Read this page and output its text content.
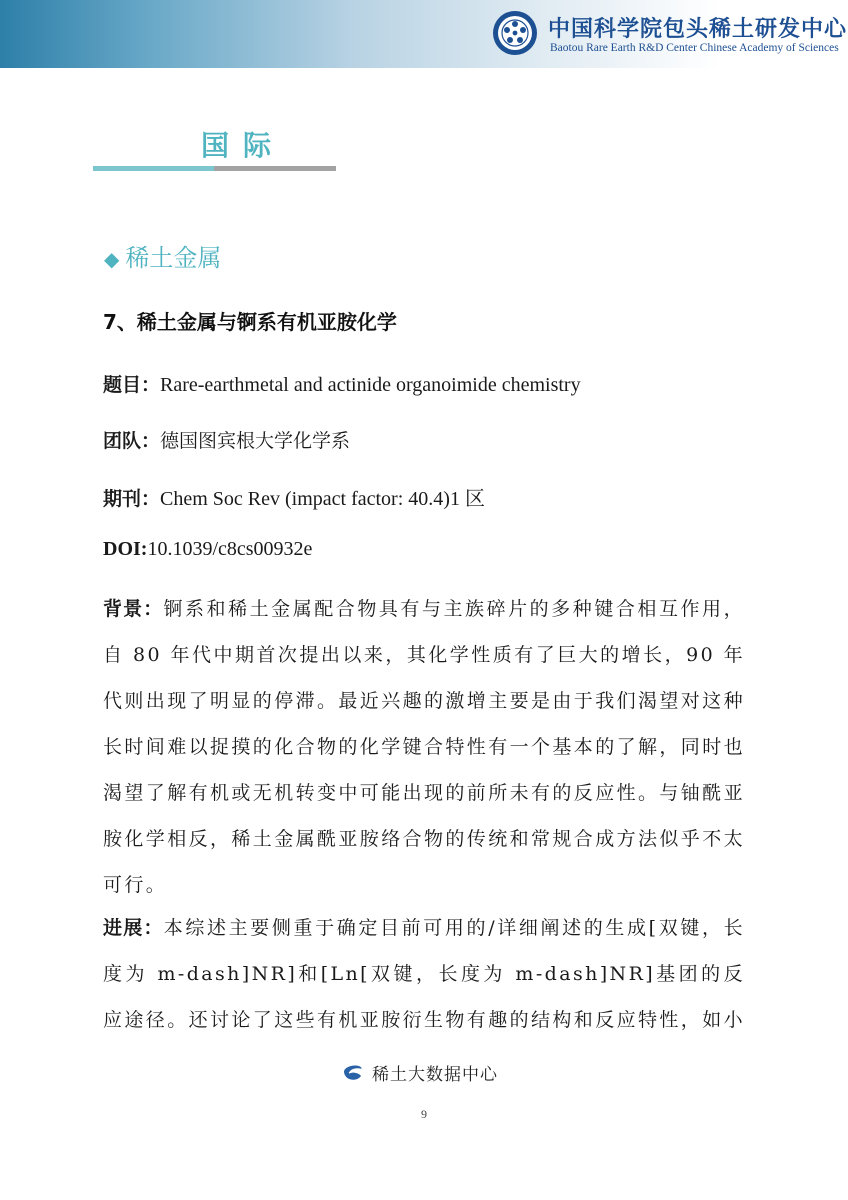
中国科学院包头稀土研发中心
Baotou Rare Earth R&D Center Chinese Academy of Sciences
国际
◆ 稀土金属
7、稀土金属与锕系有机亚胺化学
题目：Rare-earthmetal and actinide organoimide chemistry
团队：德国图宾根大学化学系
期刊：Chem Soc Rev (impact factor: 40.4)1 区
DOI:10.1039/c8cs00932e
背景：锕系和稀土金属配合物具有与主族碎片的多种键合相互作用，自 80 年代中期首次提出以来，其化学性质有了巨大的增长，90 年代则出现了明显的停滞。最近兴趣的激增主要是由于我们渴望对这种长时间难以捉摸的化合物的化学键合特性有一个基本的了解，同时也渴望了解有机或无机转变中可能出现的前所未有的反应性。与铀酰亚胺化学相反，稀土金属酰亚胺络合物的传统和常规合成方法似乎不太可行。
进展：本综述主要侧重于确定目前可用的/详细阐述的生成[双键，长度为 m-dash]NR]和[Ln[双键，长度为 m-dash]NR]基团的反应途径。还讨论了这些有机亚胺衍生物有趣的结构和反应特性，如小
稀土大数据中心
9
